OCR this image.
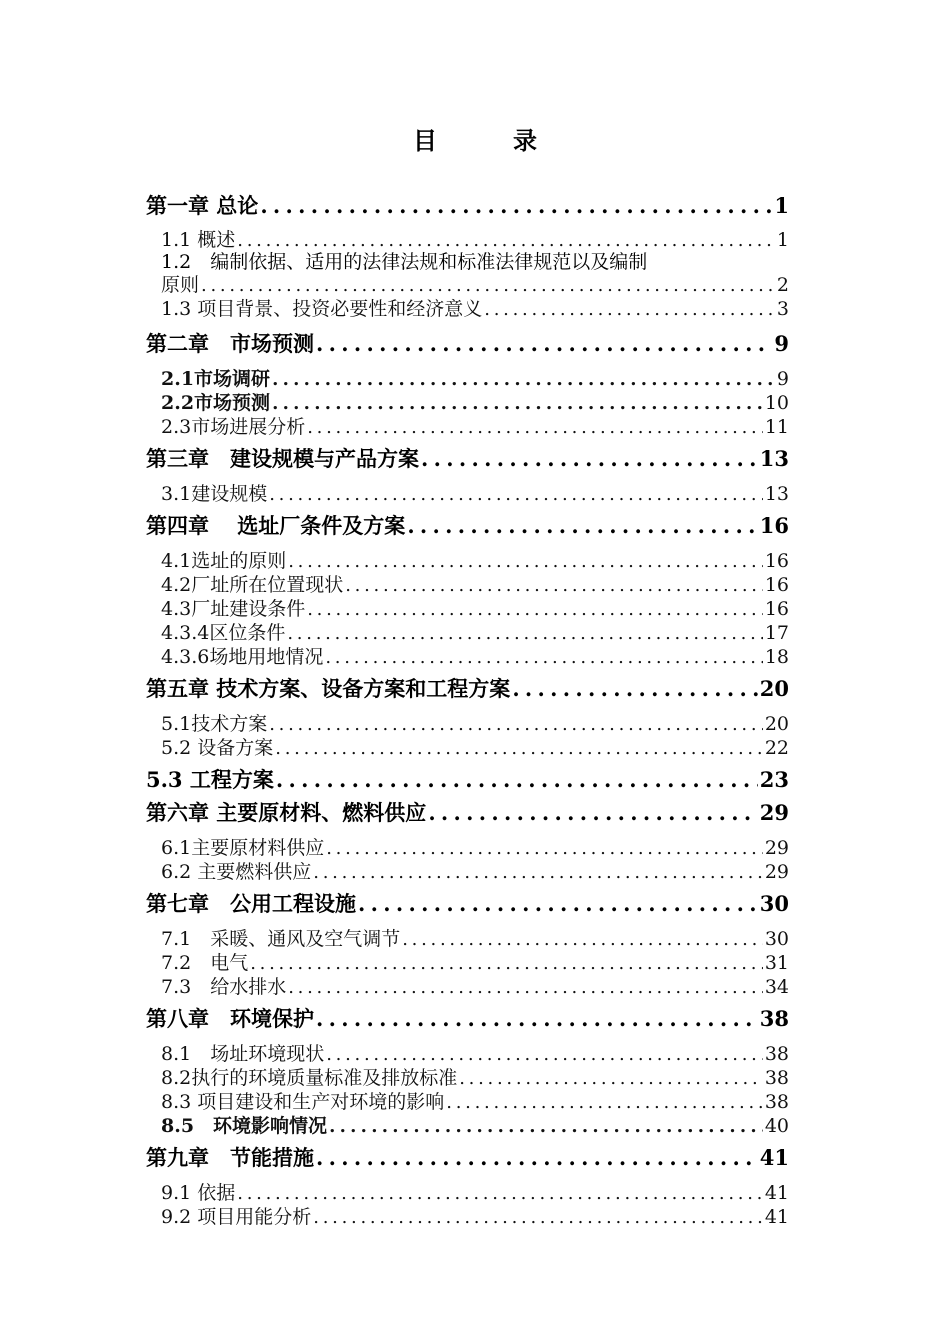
目　录
第一章 总论 . . .	1
1.1 概述 . . .	1
1.2　编制依据、适用的法律法规和标准法律规范以及编制
原则 . . .	2
1.3 项目背景、投资必要性和经济意义 . . .	3
第二章　市场预测 . . .	9
2.1市场调研 . . .	9
2.2市场预测 . . .	10
2.3市场进展分析 . . .	11
第三章　建设规模与产品方案 . . .	13
3.1建设规模 . . .	13
第四章　 选址厂条件及方案 . . .	16
4.1选址的原则 . . .	16
4.2厂址所在位置现状 . . .	16
4.3厂址建设条件 . . .	16
4.3.4区位条件 . . .	17
4.3.6场地用地情况 . . .	18
第五章 技术方案、设备方案和工程方案 . . .	20
5.1技术方案 . . .	20
5.2 设备方案 . . .	22
5.3 工程方案 . . .	23
第六章 主要原材料、燃料供应 . . .	29
6.1主要原材料供应 . . .	29
6.2 主要燃料供应 . . .	29
第七章　公用工程设施 . . .	30
7.1　采暖、通风及空气调节 . . .	30
7.2　电气 . . .	31
7.3　给水排水 . . .	34
第八章　环境保护 . . .	38
8.1　场址环境现状 . . .	38
8.2执行的环境质量标准及排放标准 . . .	38
8.3 项目建设和生产对环境的影响 . . .	38
8.5　环境影响情况 . . .	40
第九章　节能措施 . . .	41
9.1 依据 . . .	41
9.2 项目用能分析 . . .	41
